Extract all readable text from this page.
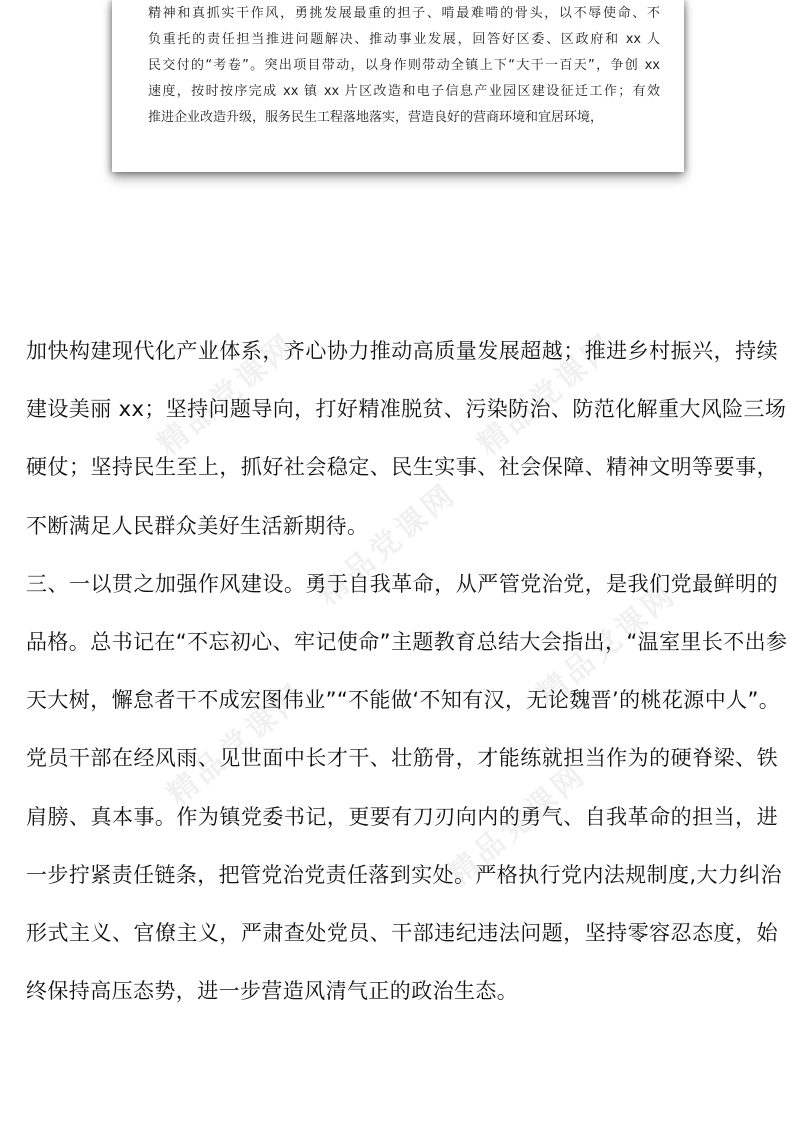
精神和真抓实干作风，勇挑发展最重的担子、啃最难啃的骨头，以不辱使命、不
负重托的责任担当推进问题解决、推动事业发展，回答好区委、区政府和 xx 人
民交付的“考卷”。突出项目带动，以身作则带动全镇上下“大干一百天”，争创 xx
速度，按时按序完成 xx 镇 xx 片区改造和电子信息产业园区建设征迁工作；有效
推进企业改造升级，服务民生工程落地落实，营造良好的营商环境和宜居环境，
精品党课网	精品党课网
精品党课网
精品党课网
精品党课网
精品党课网
加快构建现代化产业体系，齐心协力推动高质量发展超越；推进乡村振兴，持续
建设美丽 xx；坚持问题导向，打好精准脱贫、污染防治、防范化解重大风险三场
硬仗；坚持民生至上，抓好社会稳定、民生实事、社会保障、精神文明等要事，
不断满足人民群众美好生活新期待。
三、一以贯之加强作风建设。勇于自我革命，从严管党治党，是我们党最鲜明的
品格。总书记在“不忘初心、牢记使命”主题教育总结大会指出，“温室里长不出参
天大树，懈怠者干不成宏图伟业”“不能做‘不知有汉，无论魏晋’的桃花源中人”。
党员干部在经风雨、见世面中长才干、壮筋骨，才能练就担当作为的硬脊梁、铁
肩膀、真本事。作为镇党委书记，更要有刀刃向内的勇气、自我革命的担当，进
一步拧紧责任链条，把管党治党责任落到实处。严格执行党内法规制度,大力纠治
形式主义、官僚主义，严肃查处党员、干部违纪违法问题，坚持零容忍态度，始
终保持高压态势，进一步营造风清气正的政治生态。
